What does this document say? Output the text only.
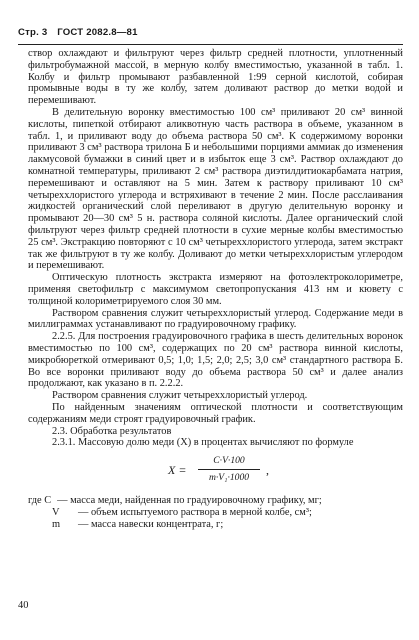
Стр. 3 ГОСТ 2082.8—81

створ охлаждают и фильтруют через фильтр средней плотности, уплотненный фильтробумажной массой, в мерную колбу вместимостью, указанной в табл. 1. Колбу и фильтр промывают разбавленной 1:99 серной кислотой, собирая промывные воды в ту же колбу, затем доливают раствор до метки водой и перемешивают.

В делительную воронку вместимостью 100 см³ приливают 20 см³ винной кислоты, пипеткой отбирают аликвотную часть раствора в объеме, указанном в табл. 1, и приливают воду до объема раствора 50 см³. К содержимому воронки приливают 3 см³ раствора трилона Б и небольшими порциями аммиак до изменения лакмусовой бумажки в синий цвет и в избыток еще 3 см³. Раствор охлаждают до комнатной температуры, приливают 2 см³ раствора диэтилдитиокарбамата натрия, перемешивают и оставляют на 5 мин. Затем к раствору приливают 10 см³ четыреххлористого углерода и встряхивают в течение 2 мин. После расслаивания жидкостей органический слой переливают в другую делительную воронку и промывают 20—30 см³ 5 н. раствора соляной кислоты. Далее органический слой фильтруют через фильтр средней плотности в сухие мерные колбы вместимостью 25 см³. Экстракцию повторяют с 10 см³ четыреххлористого углерода, затем экстракт так же фильтруют в ту же колбу. Доливают до метки четыреххлористым углеродом и перемешивают.

Оптическую плотность экстракта измеряют на фотоэлектроколориметре, применяя светофильтр с максимумом светопропускания 413 нм и кювету с толщиной колориметрируемого слоя 30 мм.

Раствором сравнения служит четыреххлористый углерод. Содержание меди в миллиграммах устанавливают по градуировочному графику.

2.2.5. Для построения градуировочного графика в шесть делительных воронок вместимостью по 100 см³, содержащих по 20 см³ раствора винной кислоты, микробюреткой отмеривают 0,5; 1,0; 1,5; 2,0; 2,5; 3,0 см³ стандартного раствора Б. Во все воронки приливают воду до объема раствора 50 см³ и далее анализ продолжают, как указано в п. 2.2.2.

Раствором сравнения служит четыреххлористый углерод.

По найденным значениям оптической плотности и соответствующим содержаниям меди строят градуировочный график.

2.3. Обработка результатов

2.3.1. Массовую долю меди (X) в процентах вычисляют по формуле

X =
C·V·100
m·V₁·1000
,
где C — масса меди, найденная по градуировочному графику, мг;
V	— объем испытуемого раствора в мерной колбе, см³;
m	— масса навески концентрата, г;
40
